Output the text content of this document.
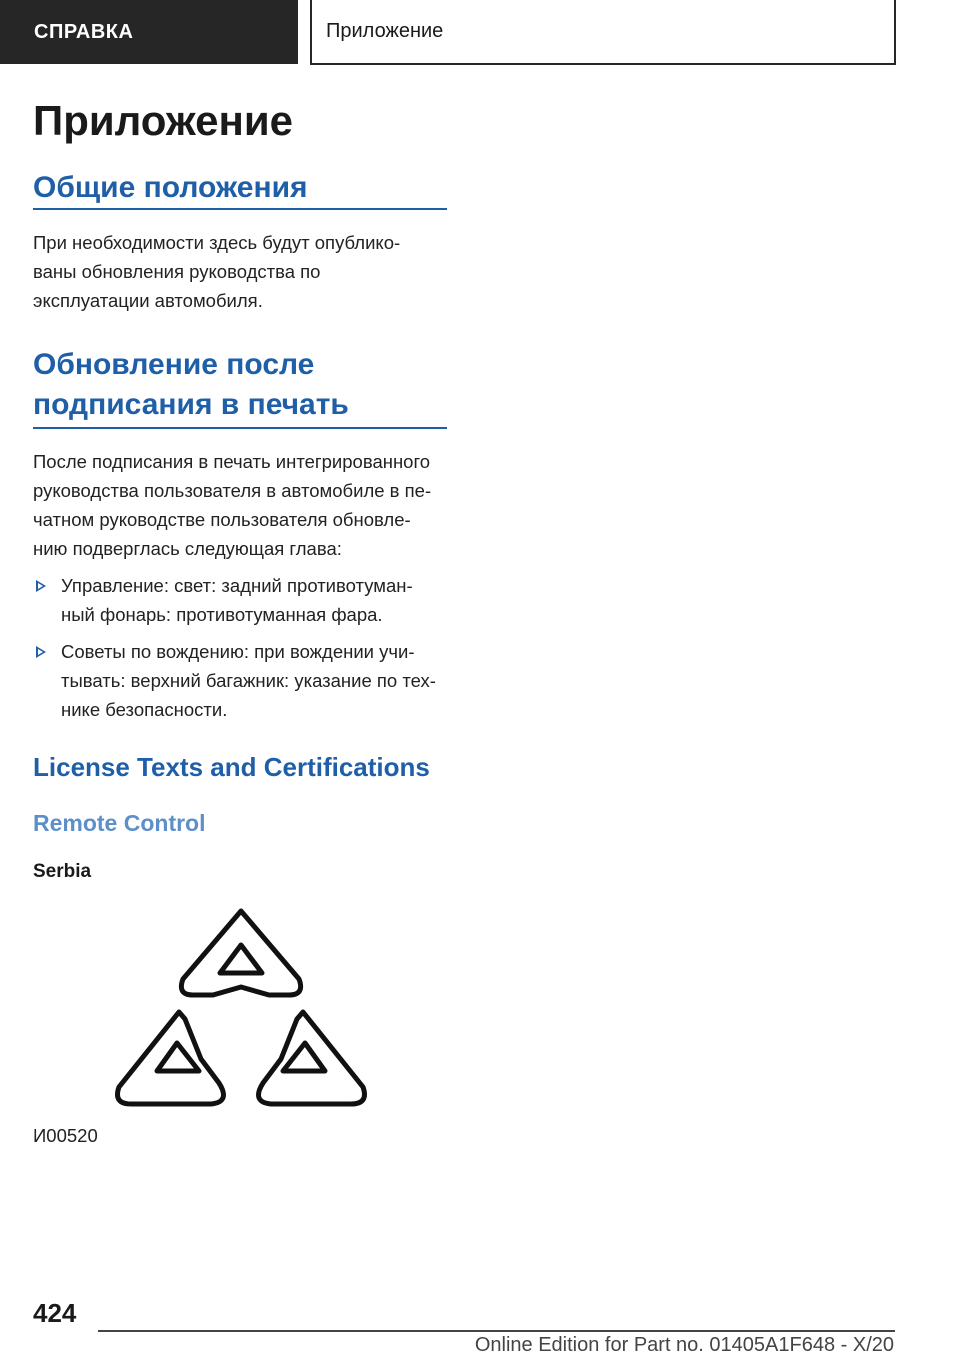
СПРАВКА	Приложение
Приложение
Общие положения

При необходимости здесь будут опублико-
ваны обновления руководства по
эксплуатации автомобиля.

Обновление после
подписания в печать

После подписания в печать интегрированного
руководства пользователя в автомобиле в пе-
чатном руководстве пользователя обновле-
нию подверглась следующая глава:

Управление: свет: задний противотуман-
ный фонарь: противотуманная фара.
Советы по вождению: при вождении учи-
тывать: верхний багажник: указание по тех-
нике безопасности.
License Texts and Certifications
Remote Control
Serbia

И00520

424
Online Edition for Part no. 01405A1F648 - X/20
